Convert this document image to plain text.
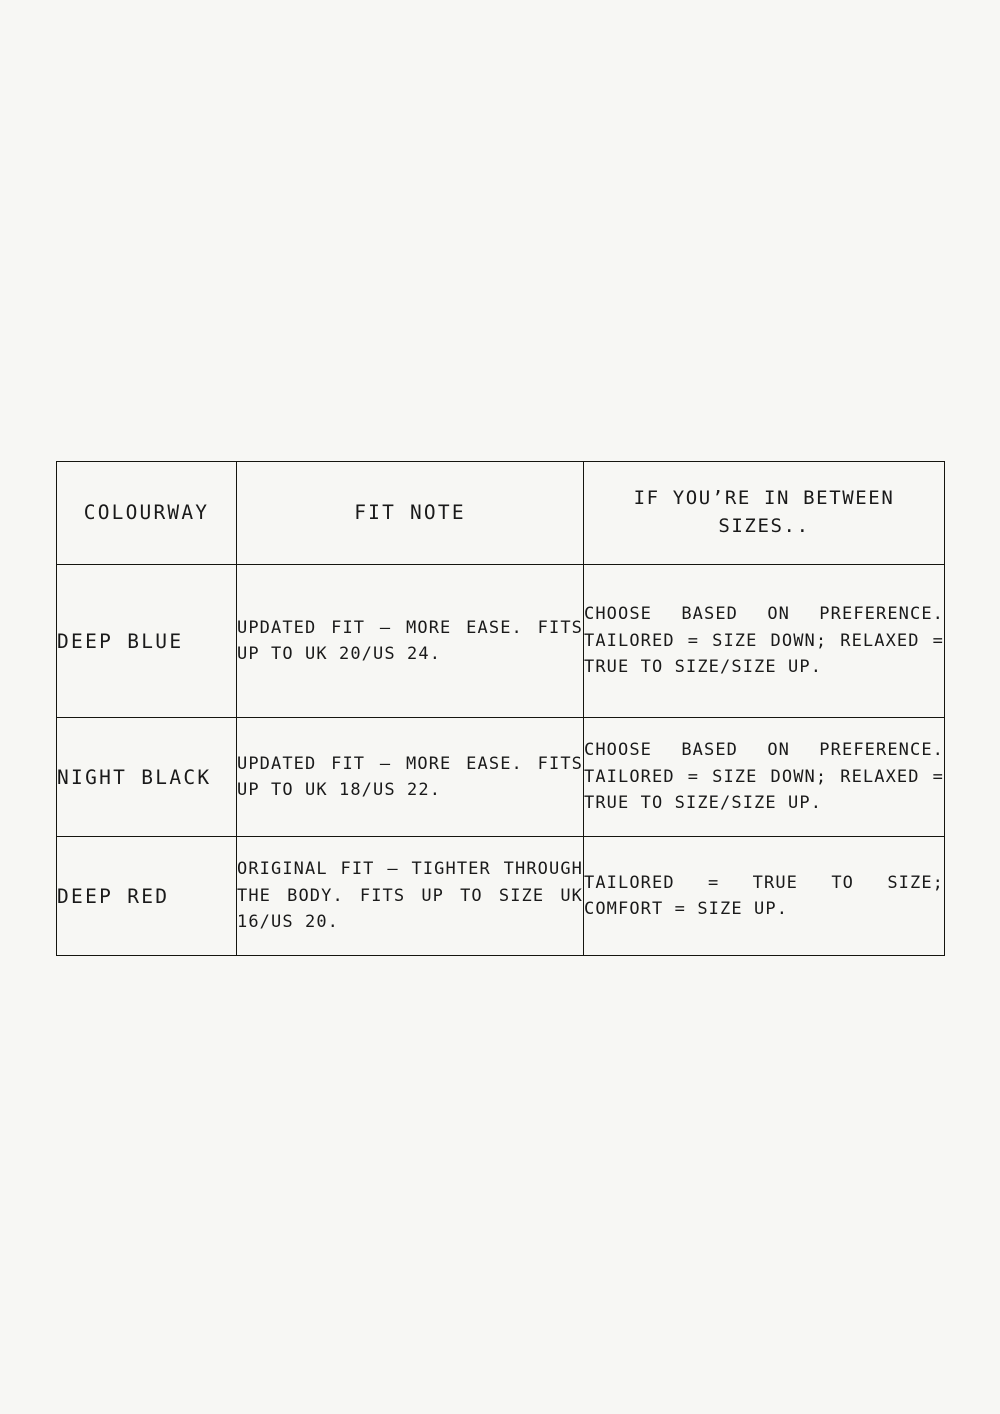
COLOURWAY	FIT NOTE	IF YOU’RE IN BETWEEN SIZES..
DEEP BLUE	UPDATED FIT – MORE EASE. FITS UP TO UK 20/US 24.	CHOOSE BASED ON PREFERENCE. TAILORED = SIZE DOWN; RELAXED = TRUE TO SIZE/SIZE UP.
NIGHT BLACK	UPDATED FIT – MORE EASE. FITS UP TO UK 18/US 22.	CHOOSE BASED ON PREFERENCE. TAILORED = SIZE DOWN; RELAXED = TRUE TO SIZE/SIZE UP.
DEEP RED	ORIGINAL FIT – TIGHTER THROUGH THE BODY. FITS UP TO SIZE UK 16/US 20.	TAILORED = TRUE TO SIZE; COMFORT = SIZE UP.
